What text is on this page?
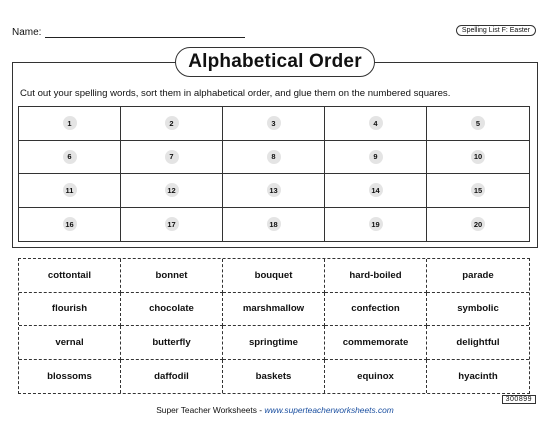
Name:	Spelling List F: Easter
Alphabetical Order
Cut out your spelling words, sort them in alphabetical order, and glue them on the numbered squares.
1	2	3	4	5
6	7	8	9	10
11	12	13	14	15
16	17	18	19	20
cottontail	bonnet	bouquet	hard-boiled	parade
flourish	chocolate	marshmallow	confection	symbolic
vernal	butterfly	springtime	commemorate	delightful
blossoms	daffodil	baskets	equinox	hyacinth
300899
Super Teacher Worksheets - www.superteacherworksheets.com
